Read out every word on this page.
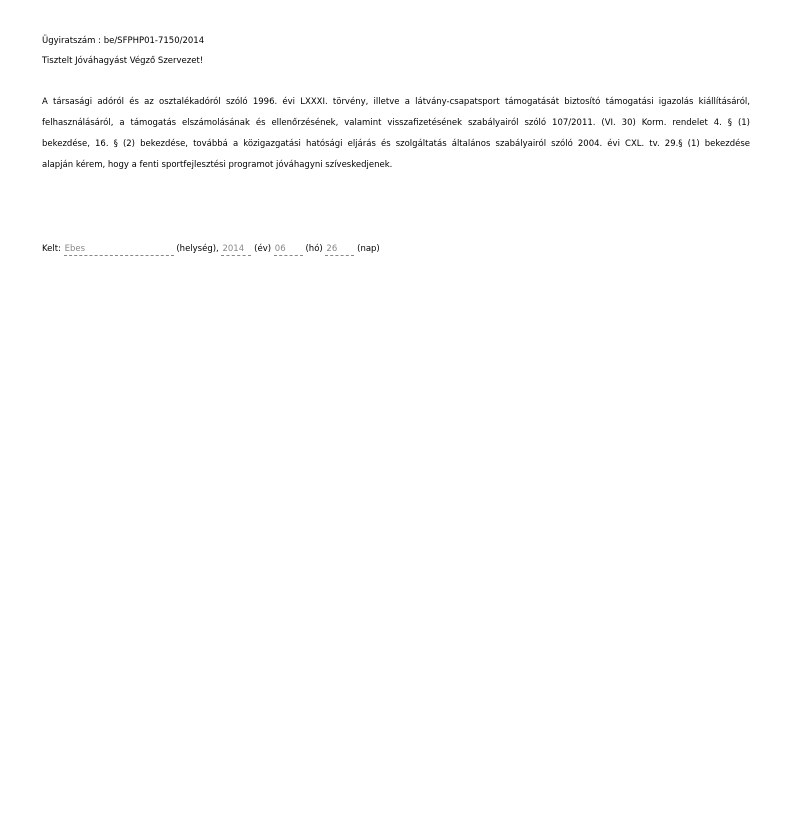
Ügyiratszám : be/SFPHP01-7150/2014
Tisztelt Jóváhagyást Végző Szervezet!
A társasági adóról és az osztalékadóról szóló 1996. évi LXXXI. törvény, illetve a látvány-csapatsport támogatását biztosító támogatási igazolás kiállításáról,
felhasználásáról, a támogatás elszámolásának és ellenőrzésének, valamint visszafizetésének szabályairól szóló 107/2011. (VI. 30) Korm. rendelet 4. § (1)
bekezdése, 16. § (2) bekezdése, továbbá a közigazgatási hatósági eljárás és szolgáltatás általános szabályairól szóló 2004. évi CXL. tv. 29.§ (1) bekezdése
alapján kérem, hogy a fenti sportfejlesztési programot jóváhagyni szíveskedjenek.
Kelt: Ebes	(helység), 2014 (év) 06 (hó) 26 (nap)
